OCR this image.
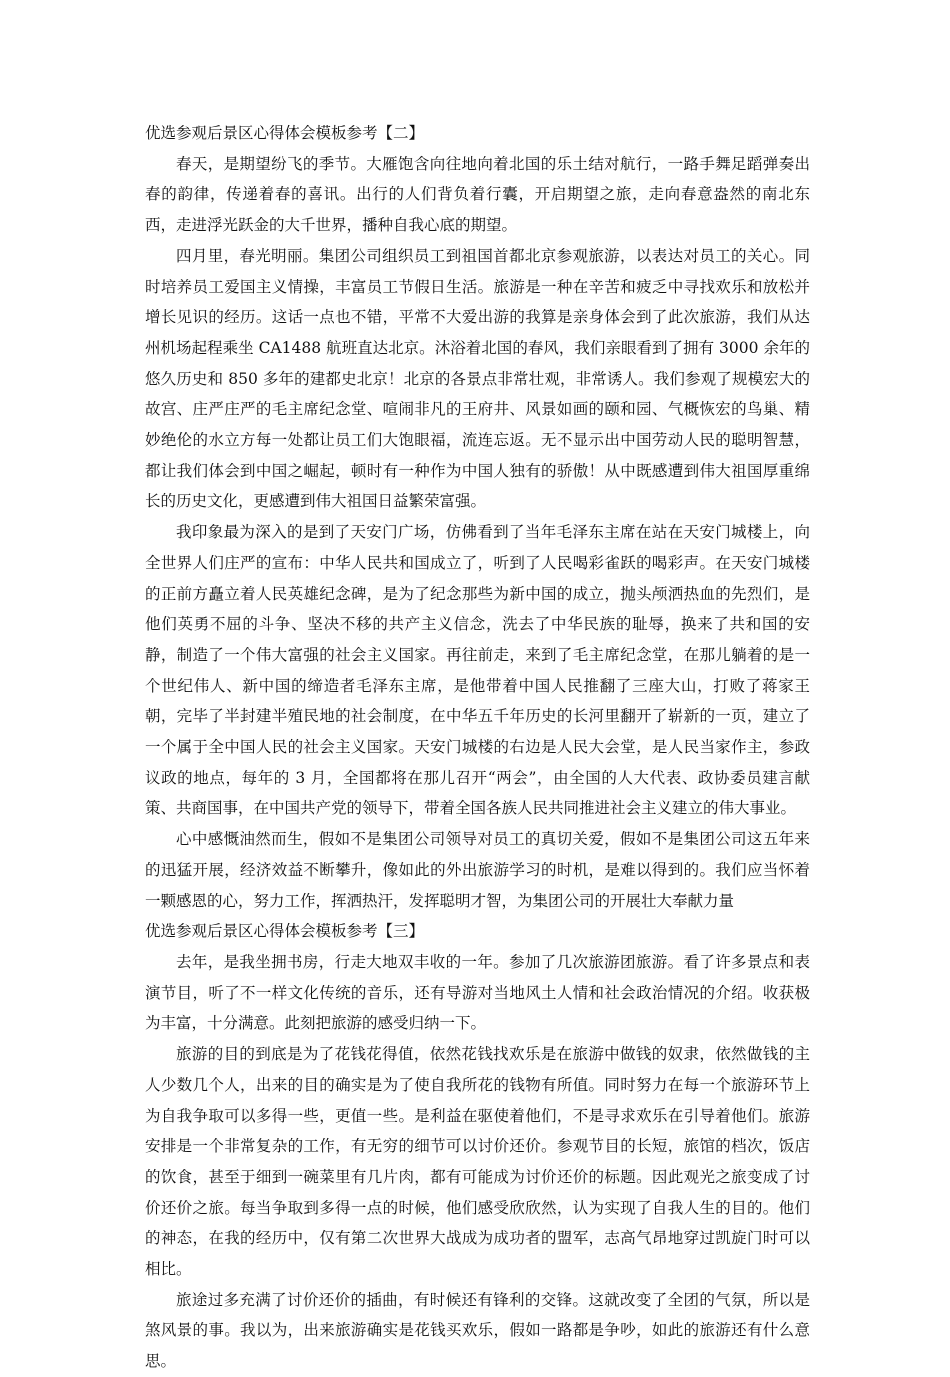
优选参观后景区心得体会模板参考【二】

春天，是期望纷飞的季节。大雁饱含向往地向着北国的乐土结对航行，一路手舞足蹈弹奏出春的韵律，传递着春的喜讯。出行的人们背负着行囊，开启期望之旅，走向春意盎然的南北东西，走进浮光跃金的大千世界，播种自我心底的期望。

四月里，春光明丽。集团公司组织员工到祖国首都北京参观旅游，以表达对员工的关心。同时培养员工爱国主义情操，丰富员工节假日生活。旅游是一种在辛苦和疲乏中寻找欢乐和放松并增长见识的经历。这话一点也不错，平常不大爱出游的我算是亲身体会到了此次旅游，我们从达州机场起程乘坐 CA1488 航班直达北京。沐浴着北国的春风，我们亲眼看到了拥有 3000 余年的悠久历史和 850 多年的建都史北京！北京的各景点非常壮观，非常诱人。我们参观了规模宏大的故宫、庄严庄严的毛主席纪念堂、喧闹非凡的王府井、风景如画的颐和园、气概恢宏的鸟巢、精妙绝伦的水立方每一处都让员工们大饱眼福，流连忘返。无不显示出中国劳动人民的聪明智慧，都让我们体会到中国之崛起，顿时有一种作为中国人独有的骄傲！从中既感遭到伟大祖国厚重绵长的历史文化，更感遭到伟大祖国日益繁荣富强。

我印象最为深入的是到了天安门广场，仿佛看到了当年毛泽东主席在站在天安门城楼上，向全世界人们庄严的宣布：中华人民共和国成立了，听到了人民喝彩雀跃的喝彩声。在天安门城楼的正前方矗立着人民英雄纪念碑，是为了纪念那些为新中国的成立，抛头颅洒热血的先烈们，是他们英勇不屈的斗争、坚决不移的共产主义信念，洗去了中华民族的耻辱，换来了共和国的安静，制造了一个伟大富强的社会主义国家。再往前走，来到了毛主席纪念堂，在那儿躺着的是一个世纪伟人、新中国的缔造者毛泽东主席，是他带着中国人民推翻了三座大山，打败了蒋家王朝，完毕了半封建半殖民地的社会制度，在中华五千年历史的长河里翻开了崭新的一页，建立了一个属于全中国人民的社会主义国家。天安门城楼的右边是人民大会堂，是人民当家作主，参政议政的地点，每年的 3 月，全国都将在那儿召开“两会”，由全国的人大代表、政协委员建言献策、共商国事，在中国共产党的领导下，带着全国各族人民共同推进社会主义建立的伟大事业。

心中感慨油然而生，假如不是集团公司领导对员工的真切关爱，假如不是集团公司这五年来的迅猛开展，经济效益不断攀升，像如此的外出旅游学习的时机，是难以得到的。我们应当怀着一颗感恩的心，努力工作，挥洒热汗，发挥聪明才智，为集团公司的开展壮大奉献力量

优选参观后景区心得体会模板参考【三】

去年，是我坐拥书房，行走大地双丰收的一年。参加了几次旅游团旅游。看了许多景点和表演节目，听了不一样文化传统的音乐，还有导游对当地风土人情和社会政治情况的介绍。收获极为丰富，十分满意。此刻把旅游的感受归纳一下。

旅游的目的到底是为了花钱花得值，依然花钱找欢乐是在旅游中做钱的奴隶，依然做钱的主人少数几个人，出来的目的确实是为了使自我所花的钱物有所值。同时努力在每一个旅游环节上为自我争取可以多得一些，更值一些。是利益在驱使着他们，不是寻求欢乐在引导着他们。旅游安排是一个非常复杂的工作，有无穷的细节可以讨价还价。参观节目的长短，旅馆的档次，饭店的饮食，甚至于细到一碗菜里有几片肉，都有可能成为讨价还价的标题。因此观光之旅变成了讨价还价之旅。每当争取到多得一点的时候，他们感受欣欣然，认为实现了自我人生的目的。他们的神态，在我的经历中，仅有第二次世界大战成为成功者的盟军，志高气昂地穿过凯旋门时可以相比。

旅途过多充满了讨价还价的插曲，有时候还有锋利的交锋。这就改变了全团的气氛，所以是煞风景的事。我以为，出来旅游确实是花钱买欢乐，假如一路都是争吵，如此的旅游还有什么意思。
